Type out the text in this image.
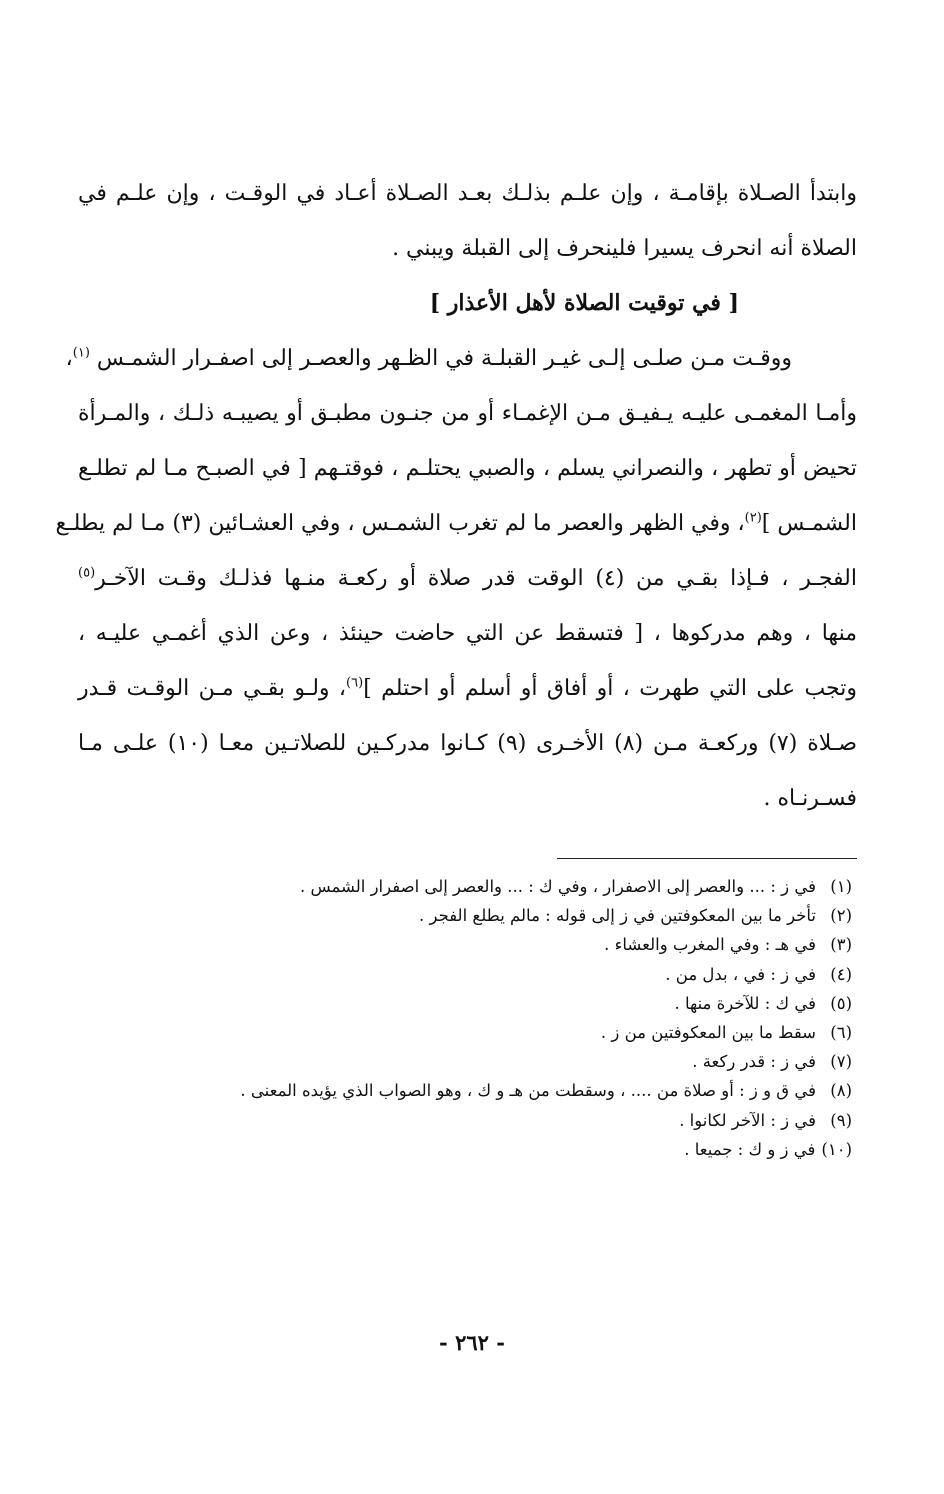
وابتدأ الصـلاة بإقامـة ، وإن علـم بذلـك بعـد الصـلاة أعـاد في الوقـت ، وإن علـم في
الصلاة أنه انحرف يسيرا فلينحرف إلى القبلة ويبني .
[ في توقيت الصلاة لأهل الأعذار ]
ووقـت مـن صلـى إلـى غيـر القبلـة في الظـهر والعصـر إلى اصفـرار الشمـس $^{(١)}$،
وأمـا المغمـى عليـه يـفيـق مـن الإغمـاء أو من جنـون مطبـق أو يصيبـه ذلـك ، والمـرأة
تحيض أو تطهر ، والنصراني يسلم ، والصبي يحتلـم ، فوقتـهم [ في الصبـح مـا لم تطلـع
الشمـس ]$^{(٢)}$، وفي الظهر والعصر ما لم تغرب الشمـس ، وفي العشـائين (٣) مـا لم يطلـع
الفجـر ، فـإذا بقـي من (٤) الوقت قدر صلاة أو ركعـة منـها فذلـك وقـت الآخـر$^{(٥)}$
منها ، وهم مدركوها ، [ فتسقط عن التي حاضت حينئذ ، وعن الذي أغمـي عليـه ،
وتجب على التي طهرت ، أو أفاق أو أسلم أو احتلم ]$^{(٦)}$، ولـو بقـي مـن الوقـت قـدر
صـلاة (٧) وركعـة مـن (٨) الأخـرى (٩) كـانوا مدركـين للصلاتـين معـا (١٠) علـى مـا
فسـرنـاه .
(١)في ز : ... والعصر إلى الاصفرار ، وفي ك : ... والعصر إلى اصفرار الشمس .
(٢)تأخر ما بين المعكوفتين في ز إلى قوله : مالم يطلع الفجر .
(٣)في هـ : وفي المغرب والعشاء .
(٤)في ز : في ، بدل من .
(٥)في ك : للآخرة منها .
(٦)سقط ما بين المعكوفتين من ز .
(٧)في ز : قدر ركعة .
(٨)في ق و ز : أو صلاة من .... ، وسقطت من هـ و ك ، وهو الصواب الذي يؤيده المعنى .
(٩)في ز : الآخر لكانوا .
(١٠)في ز و ك : جميعا .
- ٢٦٢ -
